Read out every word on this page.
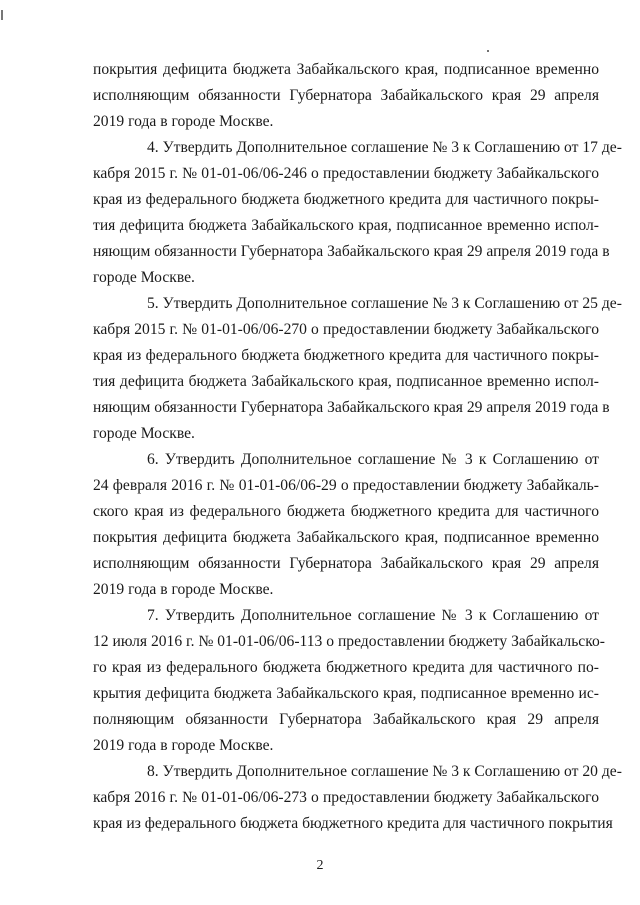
покрытия дефицита бюджета Забайкальского края, подписанное временно
исполняющим обязанности Губернатора Забайкальского края 29 апреля
2019 года в городе Москве.
4. Утвердить Дополнительное соглашение № 3 к Соглашению от 17 де-
кабря 2015 г. № 01-01-06/06-246 о предоставлении бюджету Забайкальского
края из федерального бюджета бюджетного кредита для частичного покры-
тия дефицита бюджета Забайкальского края, подписанное временно испол-
няющим обязанности Губернатора Забайкальского края 29 апреля 2019 года в
городе Москве.
5. Утвердить Дополнительное соглашение № 3 к Соглашению от 25 де-
кабря 2015 г. № 01-01-06/06-270 о предоставлении бюджету Забайкальского
края из федерального бюджета бюджетного кредита для частичного покры-
тия дефицита бюджета Забайкальского края, подписанное временно испол-
няющим обязанности Губернатора Забайкальского края 29 апреля 2019 года в
городе Москве.
6. Утвердить Дополнительное соглашение № 3 к Соглашению от
24 февраля 2016 г. № 01-01-06/06-29 о предоставлении бюджету Забайкаль-
ского края из федерального бюджета бюджетного кредита для частичного
покрытия дефицита бюджета Забайкальского края, подписанное временно
исполняющим обязанности Губернатора Забайкальского края 29 апреля
2019 года в городе Москве.
7. Утвердить Дополнительное соглашение № 3 к Соглашению от
12 июля 2016 г. № 01-01-06/06-113 о предоставлении бюджету Забайкальско-
го края из федерального бюджета бюджетного кредита для частичного по-
крытия дефицита бюджета Забайкальского края, подписанное временно ис-
полняющим обязанности Губернатора Забайкальского края 29 апреля
2019 года в городе Москве.
8. Утвердить Дополнительное соглашение № 3 к Соглашению от 20 де-
кабря 2016 г. № 01-01-06/06-273 о предоставлении бюджету Забайкальского
края из федерального бюджета бюджетного кредита для частичного покрытия
2
